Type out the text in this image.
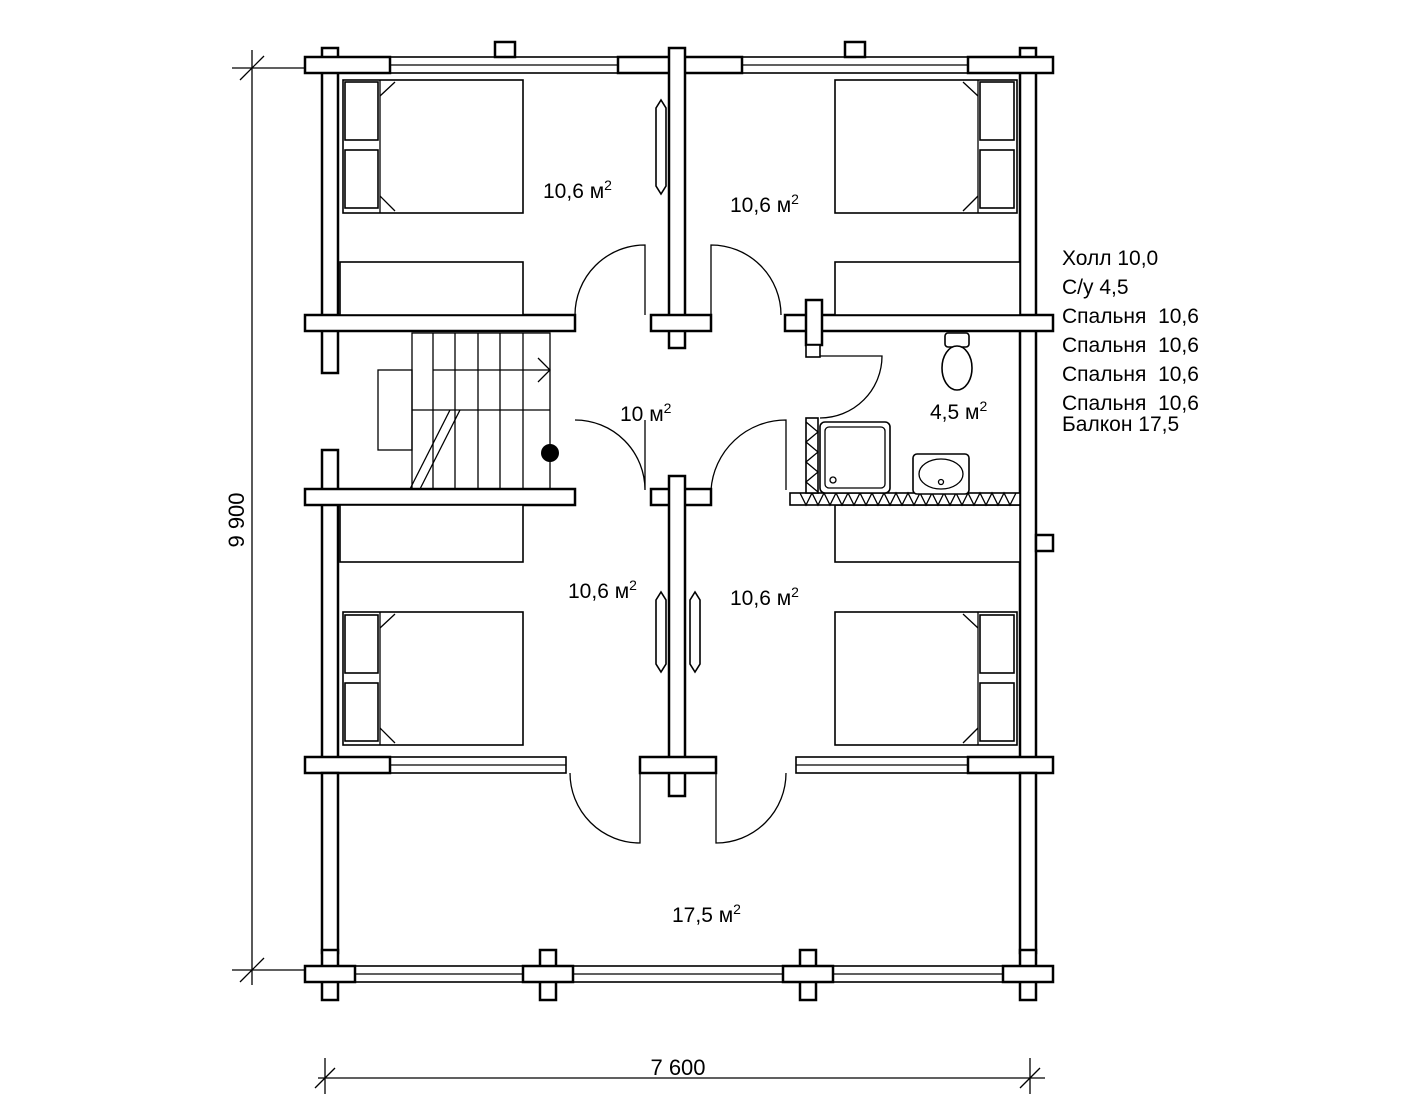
9 900
7 600
10,6 $м^2$
10,6 $м^2$
10 $м^2$	4,5 $м^2$
10,6 $м^2$
10,6 $м^2$
17,5 $м^2$
Холл 10,0
С/у 4,5
Спальня 10,6
Спальня 10,6
Спальня 10,6
Спальня 10,6
Балкон 17,5
